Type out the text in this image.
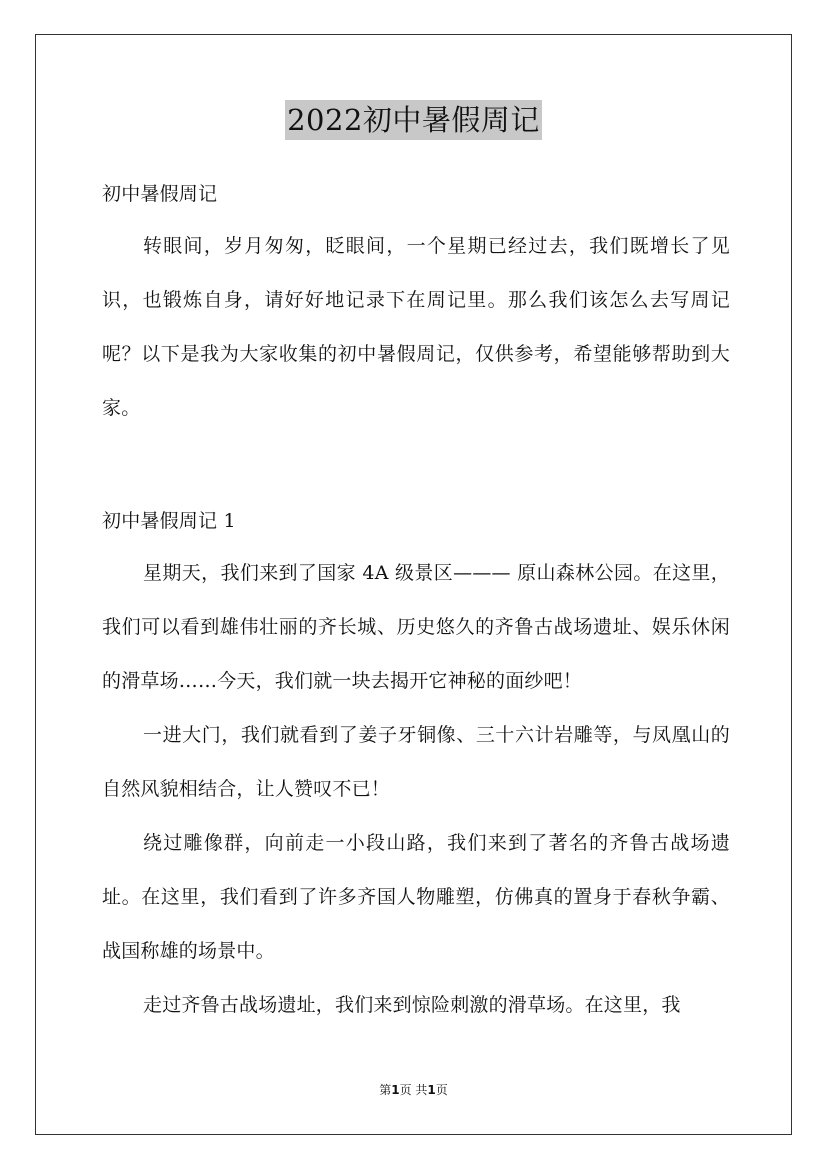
2022初中暑假周记
初中暑假周记
转眼间，岁月匆匆，眨眼间，一个星期已经过去，我们既增长了见识，也锻炼自身，请好好地记录下在周记里。那么我们该怎么去写周记呢？以下是我为大家收集的初中暑假周记，仅供参考，希望能够帮助到大家。
初中暑假周记 1
星期天，我们来到了国家 4A 级景区——— 原山森林公园。在这里，我们可以看到雄伟壮丽的齐长城、历史悠久的齐鲁古战场遗址、娱乐休闲的滑草场……今天，我们就一块去揭开它神秘的面纱吧！
一进大门，我们就看到了姜子牙铜像、三十六计岩雕等，与凤凰山的自然风貌相结合，让人赞叹不已！
绕过雕像群，向前走一小段山路，我们来到了著名的齐鲁古战场遗址。在这里，我们看到了许多齐国人物雕塑，仿佛真的置身于春秋争霸、战国称雄的场景中。
走过齐鲁古战场遗址，我们来到惊险刺激的滑草场。在这里，我
第1页 共1页
